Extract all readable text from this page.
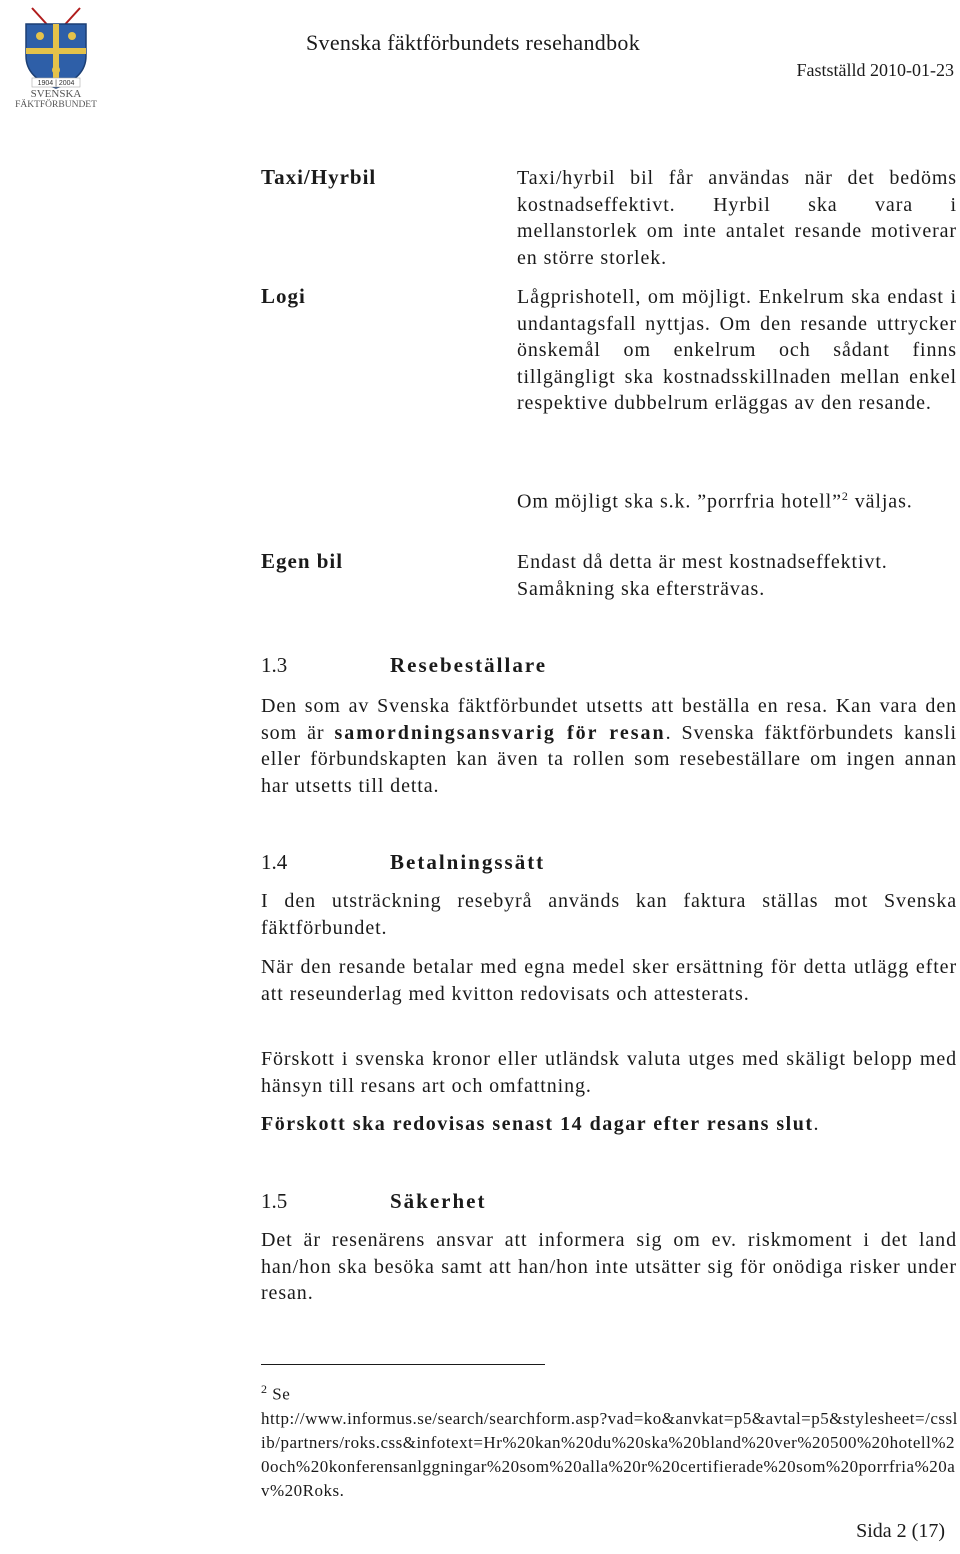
1904 | 2004
SVENSKA
FÄKTFÖRBUNDET
Svenska fäktförbundets resehandbok
Fastställd 2010-01-23
Taxi/Hyrbil	Taxi/hyrbil bil får användas när det bedöms kostnadseffektivt. Hyrbil ska vara i mellanstorlek om inte antalet resande motiverar en större storlek.
Logi	Lågprishotell, om möjligt. Enkelrum ska endast i undantagsfall nyttjas. Om den resande uttrycker önskemål om enkelrum och sådant finns tillgängligt ska kostnadsskillnaden mellan enkel respektive dubbelrum erläggas av den resande.
Om möjligt ska s.k. ”porrfria hotell”$^2$ väljas.
Egen bil	Endast då detta är mest kostnadseffektivt. Samåkning ska eftersträvas.
1.3	Resebeställare
Den som av Svenska fäktförbundet utsetts att beställa en resa. Kan vara den som är samordningsansvarig för resan. Svenska fäktförbundets kansli eller förbundskapten kan även ta rollen som resebeställare om ingen annan har utsetts till detta.
1.4	Betalningssätt
I den utsträckning resebyrå används kan faktura ställas mot Svenska fäktförbundet.
När den resande betalar med egna medel sker ersättning för detta utlägg efter att reseunderlag med kvitton redovisats och attesterats.
Förskott i svenska kronor eller utländsk valuta utges med skäligt belopp med hänsyn till resans art och omfattning.
Förskott ska redovisas senast 14 dagar efter resans slut.
1.5	Säkerhet
Det är resenärens ansvar att informera sig om ev. riskmoment i det land han/hon ska besöka samt att han/hon inte utsätter sig för onödiga risker under resan.
$^2$ Se
http://www.informus.se/search/searchform.asp?vad=ko&anvkat=p5&avtal=p5&stylesheet=/csslib/partners/roks.css&infotext=Hr%20kan%20du%20ska%20bland%20ver%20500%20hotell%20och%20konferensanlggningar%20som%20alla%20r%20certifierade%20som%20porrfria%20av%20Roks.
Sida 2 (17)
